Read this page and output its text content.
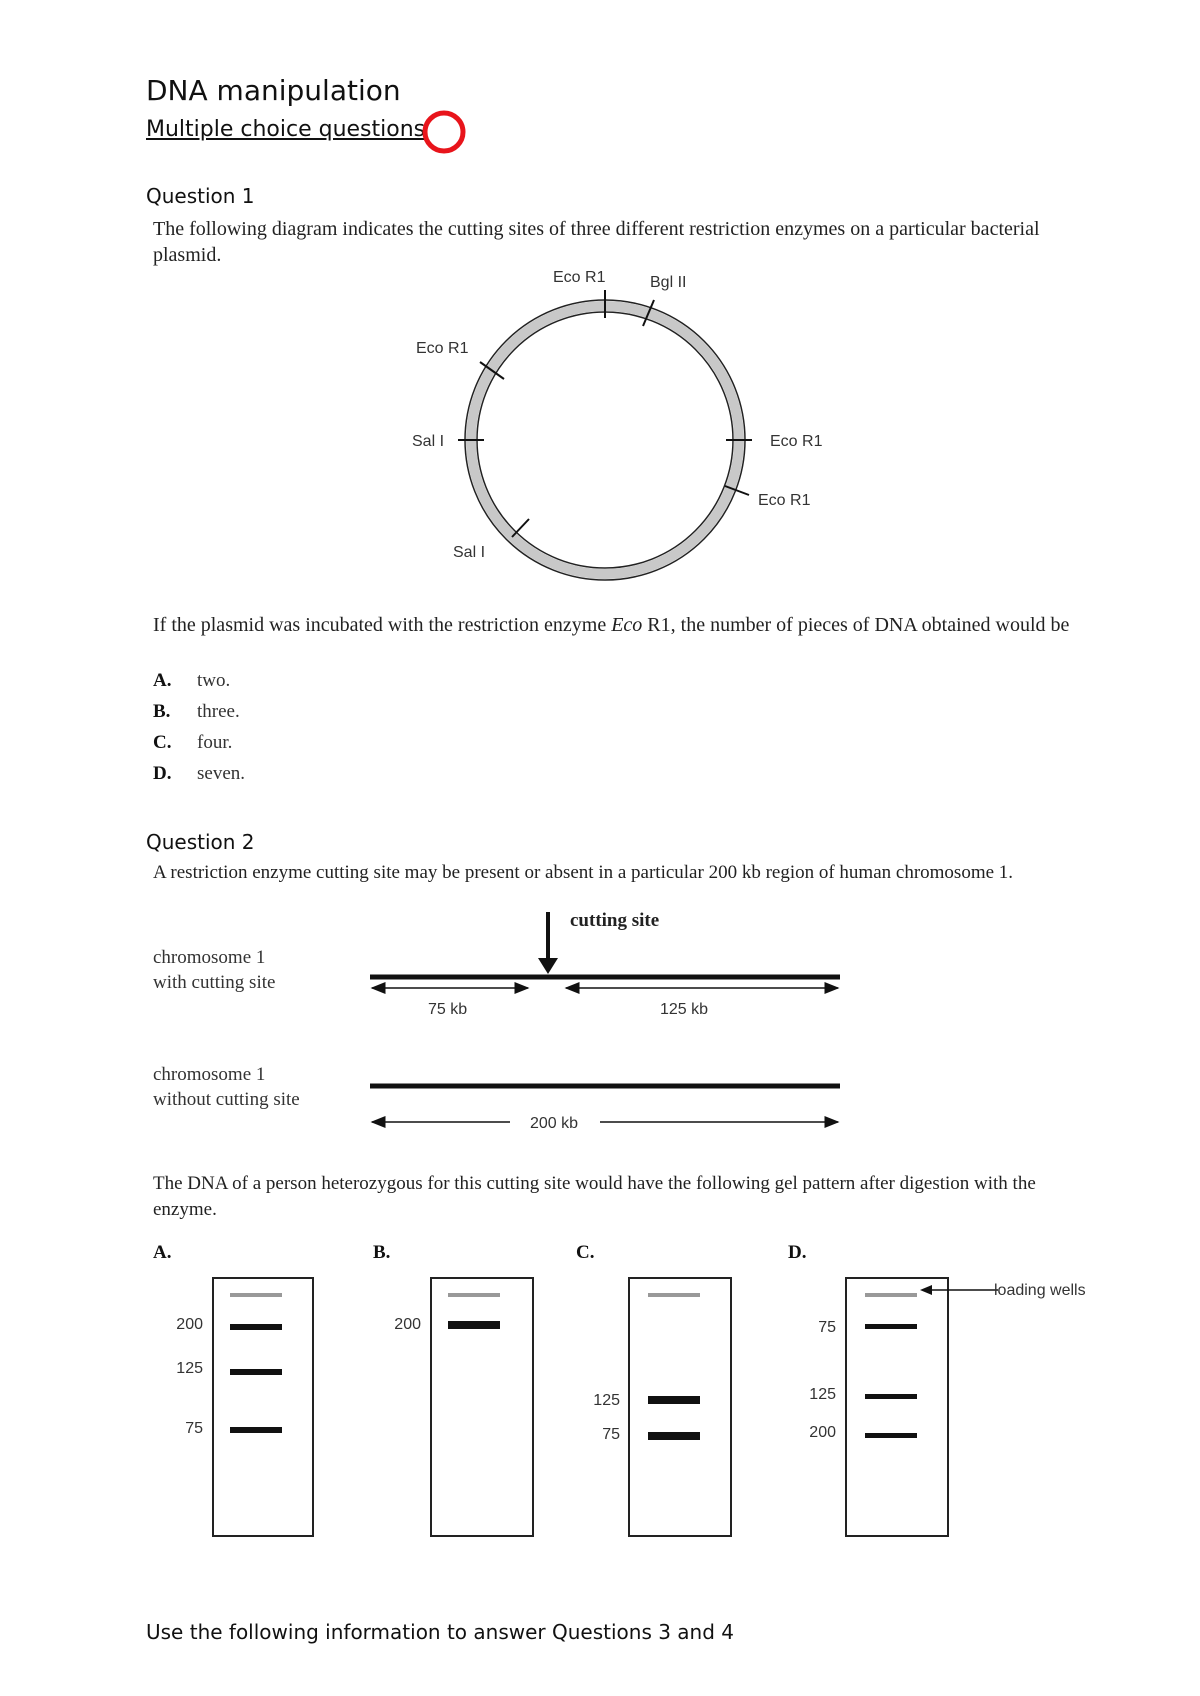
DNA manipulation
Multiple choice questions
Question 1
The following diagram indicates the cutting sites of three different restriction enzymes on a particular bacterial plasmid.
Eco R1	Bgl II
Eco R1
Sal I	Eco R1
Eco R1
Sal I
If the plasmid was incubated with the restriction enzyme Eco R1, the number of pieces of DNA obtained would be
A. two.
B. three.
C. four.
D. seven.
Question 2
A restriction enzyme cutting site may be present or absent in a particular 200 kb region of human chromosome 1.
chromosome 1
with cutting site
chromosome 1
without cutting site
cutting site
75 kb	125 kb
200 kb
The DNA of a person heterozygous for this cutting site would have the following gel pattern after digestion with the enzyme.
A.	B.	C.	D.
200
125
75
200
125
75
75
125
200
loading wells
Use the following information to answer Questions 3 and 4
